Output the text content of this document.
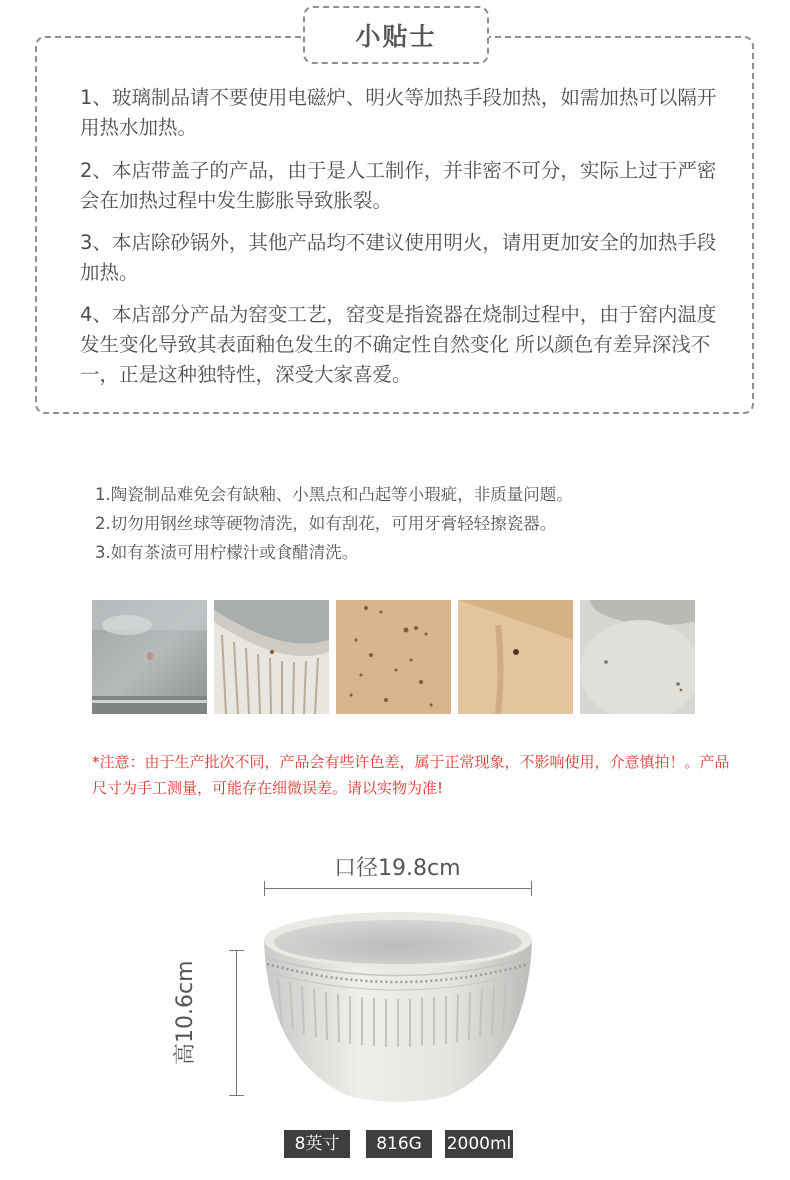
小贴士
1、玻璃制品请不要使用电磁炉、明火等加热手段加热，如需加热可以隔开用热水加热。
2、本店带盖子的产品，由于是人工制作，并非密不可分，实际上过于严密会在加热过程中发生膨胀导致胀裂。
3、本店除砂锅外，其他产品均不建议使用明火，请用更加安全的加热手段加热。
4、本店部分产品为窑变工艺，窑变是指瓷器在烧制过程中，由于窑内温度发生变化导致其表面釉色发生的不确定性自然变化 所以颜色有差异深浅不一，正是这种独特性，深受大家喜爱。
1.陶瓷制品难免会有缺釉、小黑点和凸起等小瑕疵，非质量问题。
2.切勿用钢丝球等硬物清洗，如有刮花，可用牙膏轻轻擦瓷器。
3.如有茶渍可用柠檬汁或食醋清洗。
*注意：由于生产批次不同，产品会有些许色差，属于正常现象，不影响使用，介意慎拍！。产品尺寸为手工测量，可能存在细微误差。请以实物为准!
口径19.8cm
高10.6cm
8英寸	816G	2000ml
